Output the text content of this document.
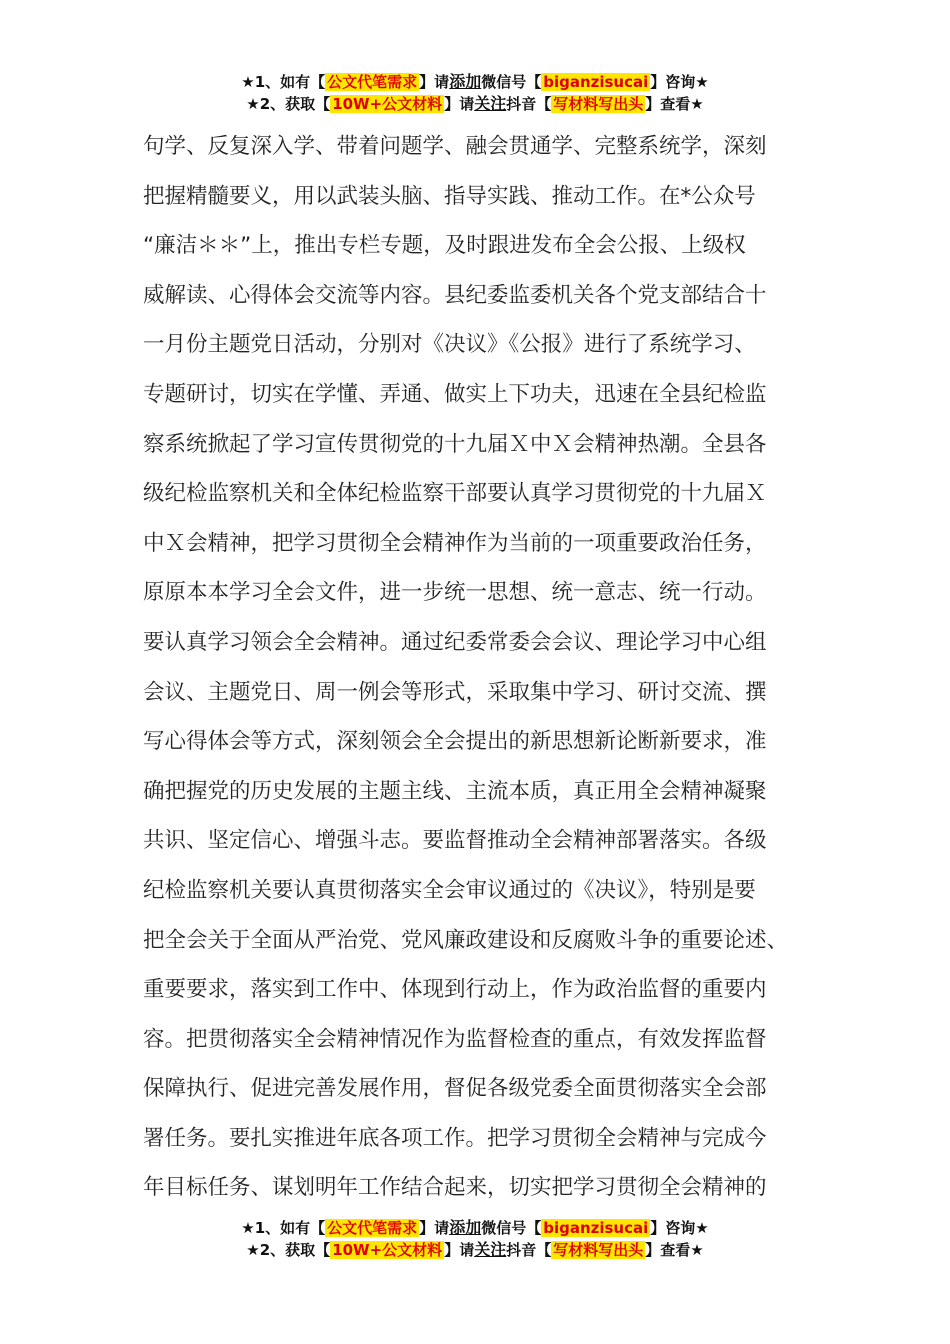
★1、如有【 公文代笔需求 】请添加微信号【 biganzisucai 】咨询★
★2、获取【 10W+公文材料 】请关注抖音【 写材料写出头 】查看★
句学、反复深入学、带着问题学、融会贯通学、完整系统学，深刻
把握精髓要义，用以武装头脑、指导实践、推动工作。在*公众号
“廉洁＊＊”上，推出专栏专题，及时跟进发布全会公报、上级权
威解读、心得体会交流等内容。县纪委监委机关各个党支部结合十
一月份主题党日活动，分别对《决议》《公报》进行了系统学习、
专题研讨，切实在学懂、弄通、做实上下功夫，迅速在全县纪检监
察系统掀起了学习宣传贯彻党的十九届Ｘ中Ｘ会精神热潮。全县各
级纪检监察机关和全体纪检监察干部要认真学习贯彻党的十九届Ｘ
中Ｘ会精神，把学习贯彻全会精神作为当前的一项重要政治任务，
原原本本学习全会文件，进一步统一思想、统一意志、统一行动。
要认真学习领会全会精神。通过纪委常委会会议、理论学习中心组
会议、主题党日、周一例会等形式，采取集中学习、研讨交流、撰
写心得体会等方式，深刻领会全会提出的新思想新论断新要求，准
确把握党的历史发展的主题主线、主流本质，真正用全会精神凝聚
共识、坚定信心、增强斗志。要监督推动全会精神部署落实。各级
纪检监察机关要认真贯彻落实全会审议通过的《决议》，特别是要
把全会关于全面从严治党、党风廉政建设和反腐败斗争的重要论述、
重要要求，落实到工作中、体现到行动上，作为政治监督的重要内
容。把贯彻落实全会精神情况作为监督检查的重点，有效发挥监督
保障执行、促进完善发展作用，督促各级党委全面贯彻落实全会部
署任务。要扎实推进年底各项工作。把学习贯彻全会精神与完成今
年目标任务、谋划明年工作结合起来，切实把学习贯彻全会精神的
★1、如有【 公文代笔需求 】请添加微信号【 biganzisucai 】咨询★
★2、获取【 10W+公文材料 】请关注抖音【 写材料写出头 】查看★
